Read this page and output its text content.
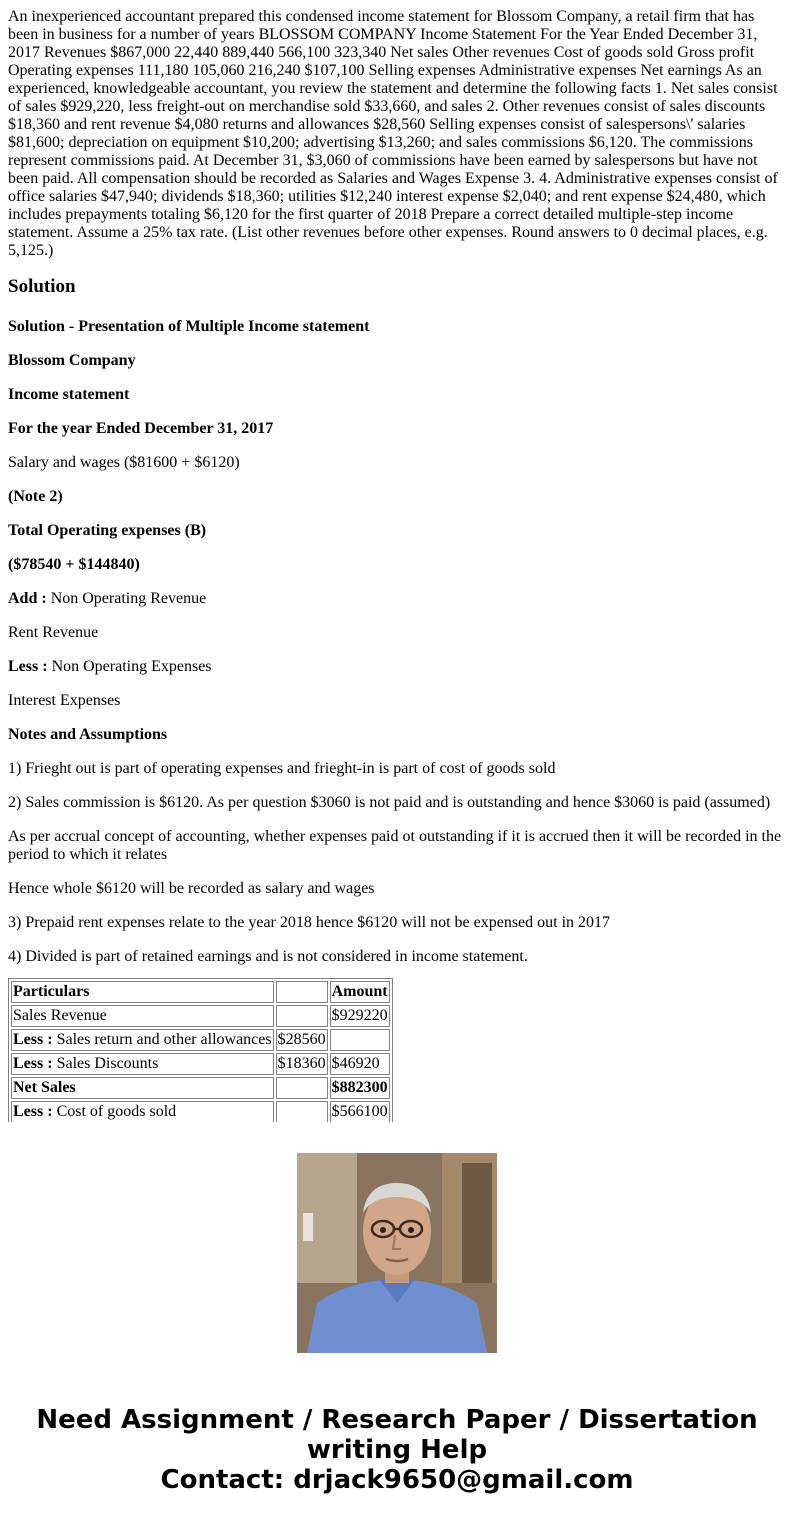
An inexperienced accountant prepared this condensed income statement for Blossom Company, a retail firm that has been in business for a number of years BLOSSOM COMPANY Income Statement For the Year Ended December 31, 2017 Revenues $867,000 22,440 889,440 566,100 323,340 Net sales Other revenues Cost of goods sold Gross profit Operating expenses 111,180 105,060 216,240 $107,100 Selling expenses Administrative expenses Net earnings As an experienced, knowledgeable accountant, you review the statement and determine the following facts 1. Net sales consist of sales $929,220, less freight-out on merchandise sold $33,660, and sales 2. Other revenues consist of sales discounts $18,360 and rent revenue $4,080 returns and allowances $28,560 Selling expenses consist of salespersons\' salaries $81,600; depreciation on equipment $10,200; advertising $13,260; and sales commissions $6,120. The commissions represent commissions paid. At December 31, $3,060 of commissions have been earned by salespersons but have not been paid. All compensation should be recorded as Salaries and Wages Expense 3. 4. Administrative expenses consist of office salaries $47,940; dividends $18,360; utilities $12,240 interest expense $2,040; and rent expense $24,480, which includes prepayments totaling $6,120 for the first quarter of 2018 Prepare a correct detailed multiple-step income statement. Assume a 25% tax rate. (List other revenues before other expenses. Round answers to 0 decimal places, e.g. 5,125.)

Solution

Solution - Presentation of Multiple Income statement

Blossom Company

Income statement

For the year Ended December 31, 2017

Salary and wages ($81600 + $6120)

(Note 2)

Total Operating expenses (B)

($78540 + $144840)

Add : Non Operating Revenue

Rent Revenue

Less : Non Operating Expenses

Interest Expenses

Notes and Assumptions

1) Frieght out is part of operating expenses and frieght-in is part of cost of goods sold

2) Sales commission is $6120. As per question $3060 is not paid and is outstanding and hence $3060 is paid (assumed)

As per accrual concept of accounting, whether expenses paid ot outstanding if it is accrued then it will be recorded in the period to which it relates

Hence whole $6120 will be recorded as salary and wages

3) Prepaid rent expenses relate to the year 2018 hence $6120 will not be expensed out in 2017

4) Divided is part of retained earnings and is not considered in income statement.

Particulars		Amount
Sales Revenue		$929220
Less : Sales return and other allowances	$28560	
Less : Sales Discounts	$18360	$46920
Net Sales		$882300
Less : Cost of goods sold		$566100

Need Assignment / Research Paper / Dissertation
writing Help
Contact: drjack9650@gmail.com
